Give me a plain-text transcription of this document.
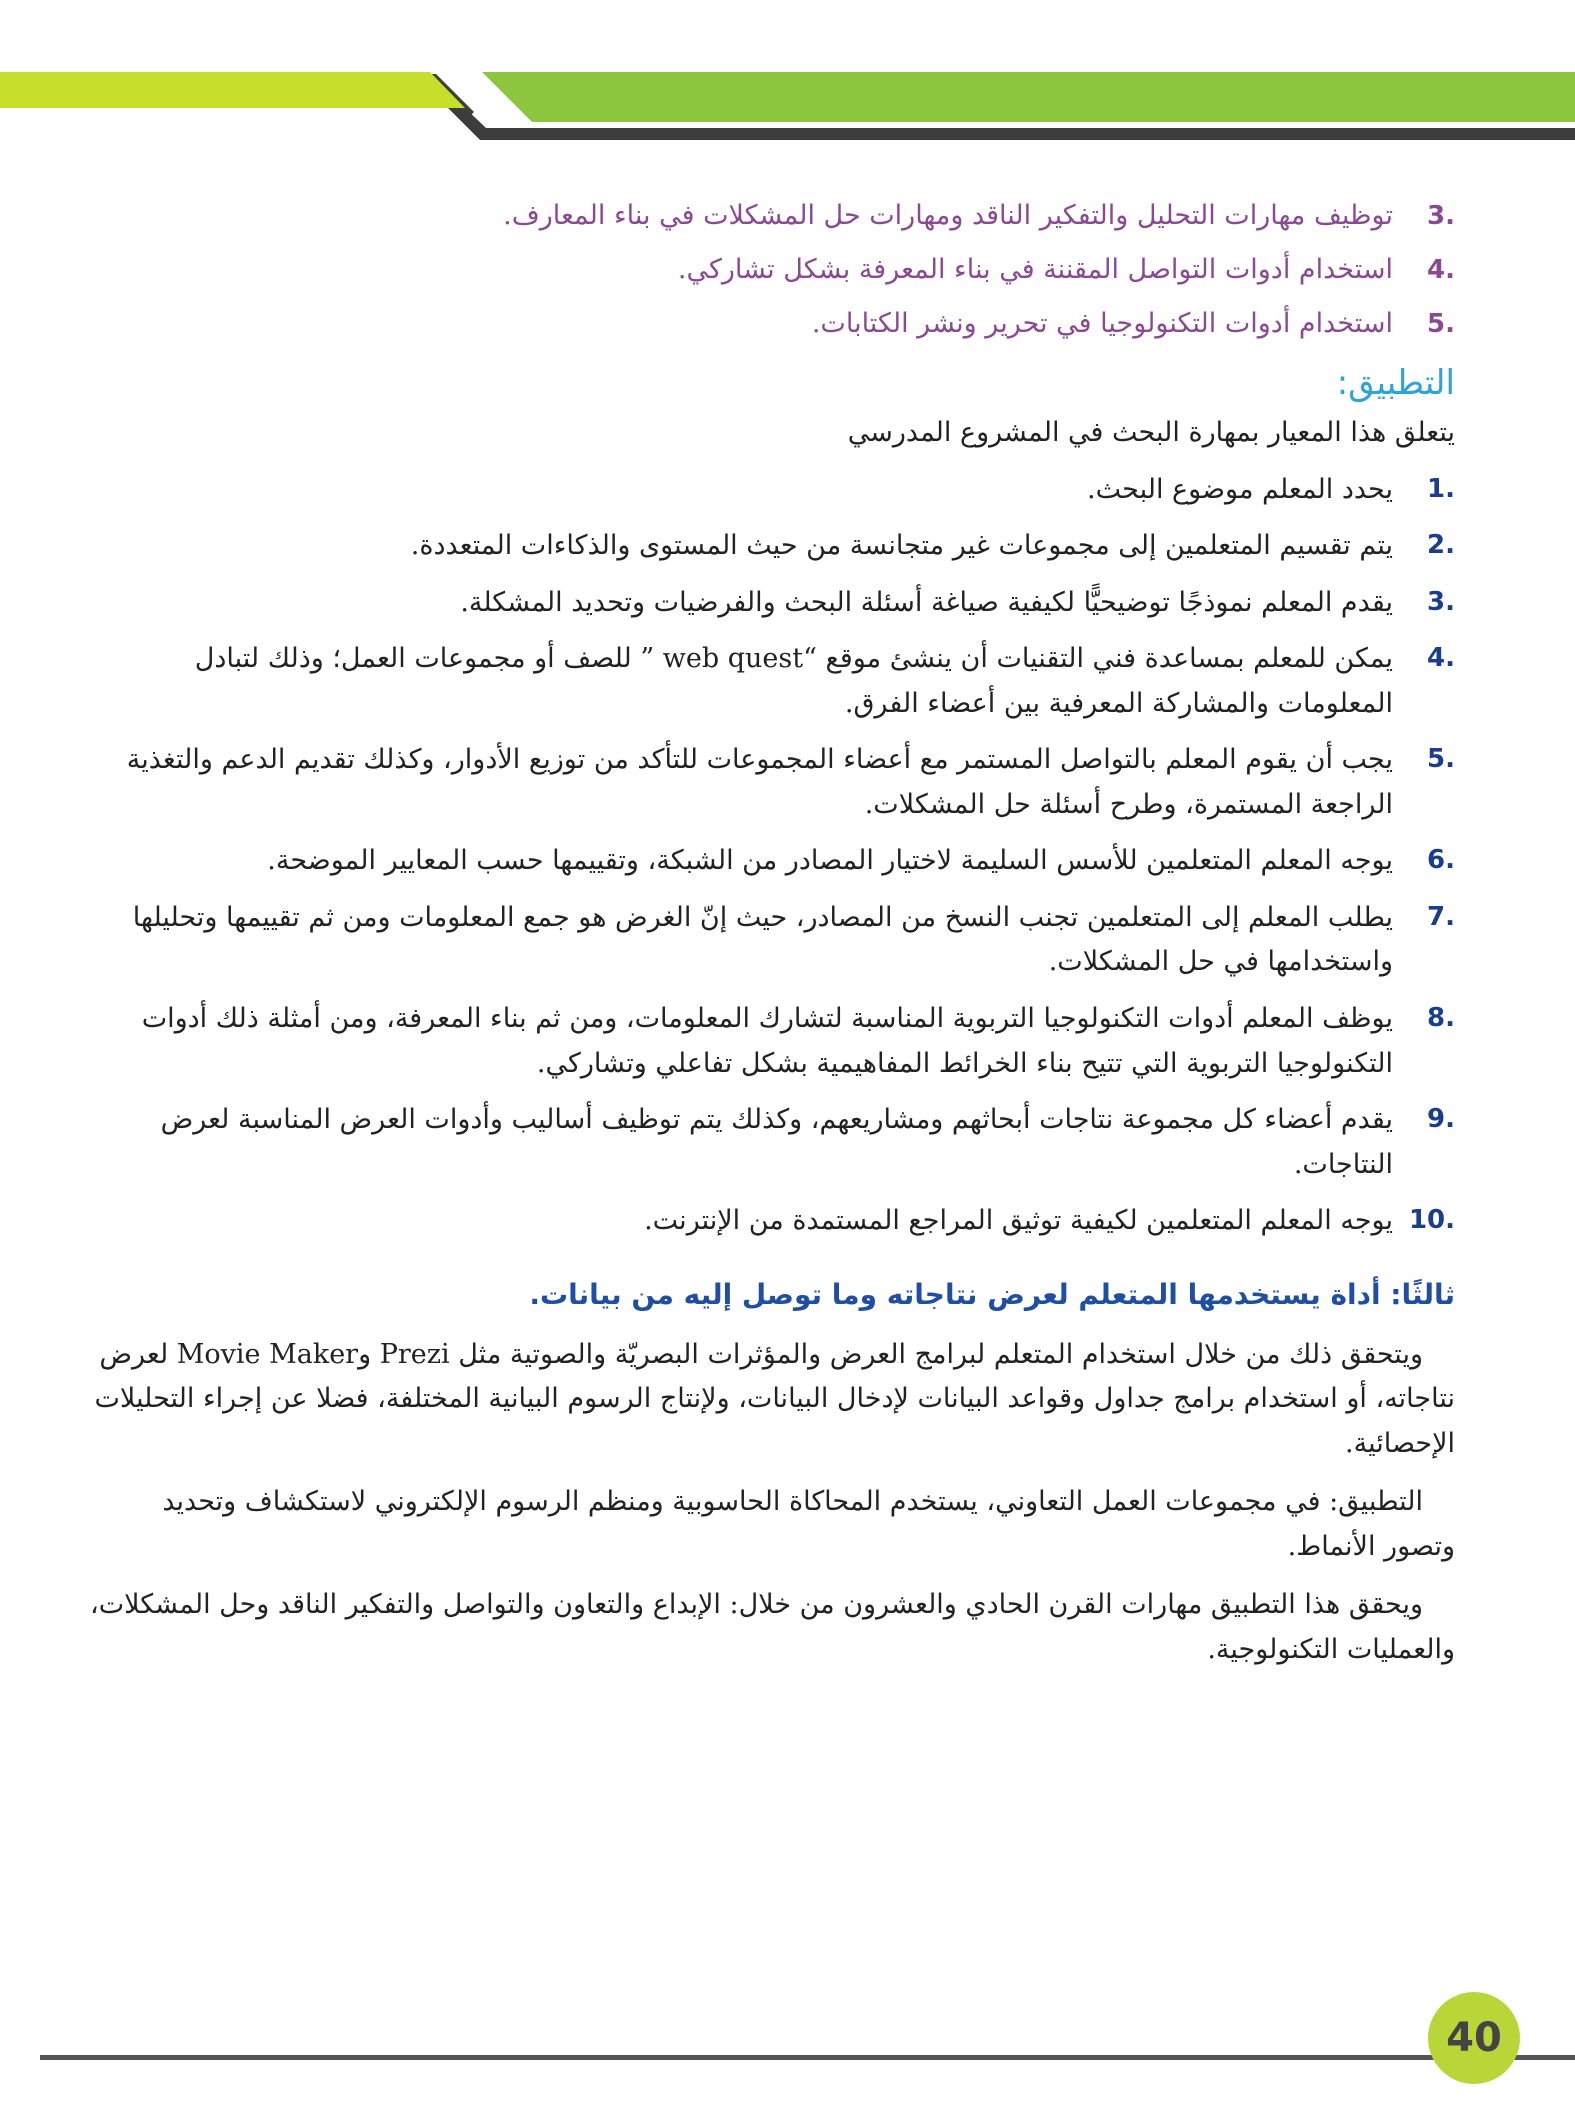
3.
توظيف مهارات التحليل والتفكير الناقد ومهارات حل المشكلات في بناء المعارف.
4.
استخدام أدوات التواصل المقننة في بناء المعرفة بشكل تشاركي.
5.
استخدام أدوات التكنولوجيا في تحرير ونشر الكتابات.
التطبيق:
يتعلق هذا المعيار بمهارة البحث في المشروع المدرسي
1.
يحدد المعلم موضوع البحث.
2.
يتم تقسيم المتعلمين إلى مجموعات غير متجانسة من حيث المستوى والذكاءات المتعددة.
3.
يقدم المعلم نموذجًا توضيحيًّا لكيفية صياغة أسئلة البحث والفرضيات وتحديد المشكلة.
4.
يمكن للمعلم بمساعدة فني التقنيات أن ينشئ موقع “web quest ” للصف أو مجموعات العمل؛ وذلك لتبادل المعلومات والمشاركة المعرفية بين أعضاء الفرق.
5.
يجب أن يقوم المعلم بالتواصل المستمر مع أعضاء المجموعات للتأكد من توزيع الأدوار، وكذلك تقديم الدعم والتغذية الراجعة المستمرة، وطرح أسئلة حل المشكلات.
6.
يوجه المعلم المتعلمين للأسس السليمة لاختيار المصادر من الشبكة، وتقييمها حسب المعايير الموضحة.
7.
يطلب المعلم إلى المتعلمين تجنب النسخ من المصادر، حيث إنّ الغرض هو جمع المعلومات ومن ثم تقييمها وتحليلها واستخدامها في حل المشكلات.
8.
يوظف المعلم أدوات التكنولوجيا التربوية المناسبة لتشارك المعلومات، ومن ثم بناء المعرفة، ومن أمثلة ذلك أدوات التكنولوجيا التربوية التي تتيح بناء الخرائط المفاهيمية بشكل تفاعلي وتشاركي.
9.
يقدم أعضاء كل مجموعة نتاجات أبحاثهم ومشاريعهم، وكذلك يتم توظيف أساليب وأدوات العرض المناسبة لعرض النتاجات.
10.
يوجه المعلم المتعلمين لكيفية توثيق المراجع المستمدة من الإنترنت.
ثالثًا: أداة يستخدمها المتعلم لعرض نتاجاته وما توصل إليه من بيانات.

ويتحقق ذلك من خلال استخدام المتعلم لبرامج العرض والمؤثرات البصريّة والصوتية مثل Prezi وMovie Maker لعرض نتاجاته، أو استخدام برامج جداول وقواعد البيانات لإدخال البيانات، ولإنتاج الرسوم البيانية المختلفة، فضلا عن إجراء التحليلات الإحصائية.

التطبيق: في مجموعات العمل التعاوني، يستخدم المحاكاة الحاسوبية ومنظم الرسوم الإلكتروني لاستكشاف وتحديد وتصور الأنماط.

ويحقق هذا التطبيق مهارات القرن الحادي والعشرون من خلال: الإبداع والتعاون والتواصل والتفكير الناقد وحل المشكلات، والعمليات التكنولوجية.

40
